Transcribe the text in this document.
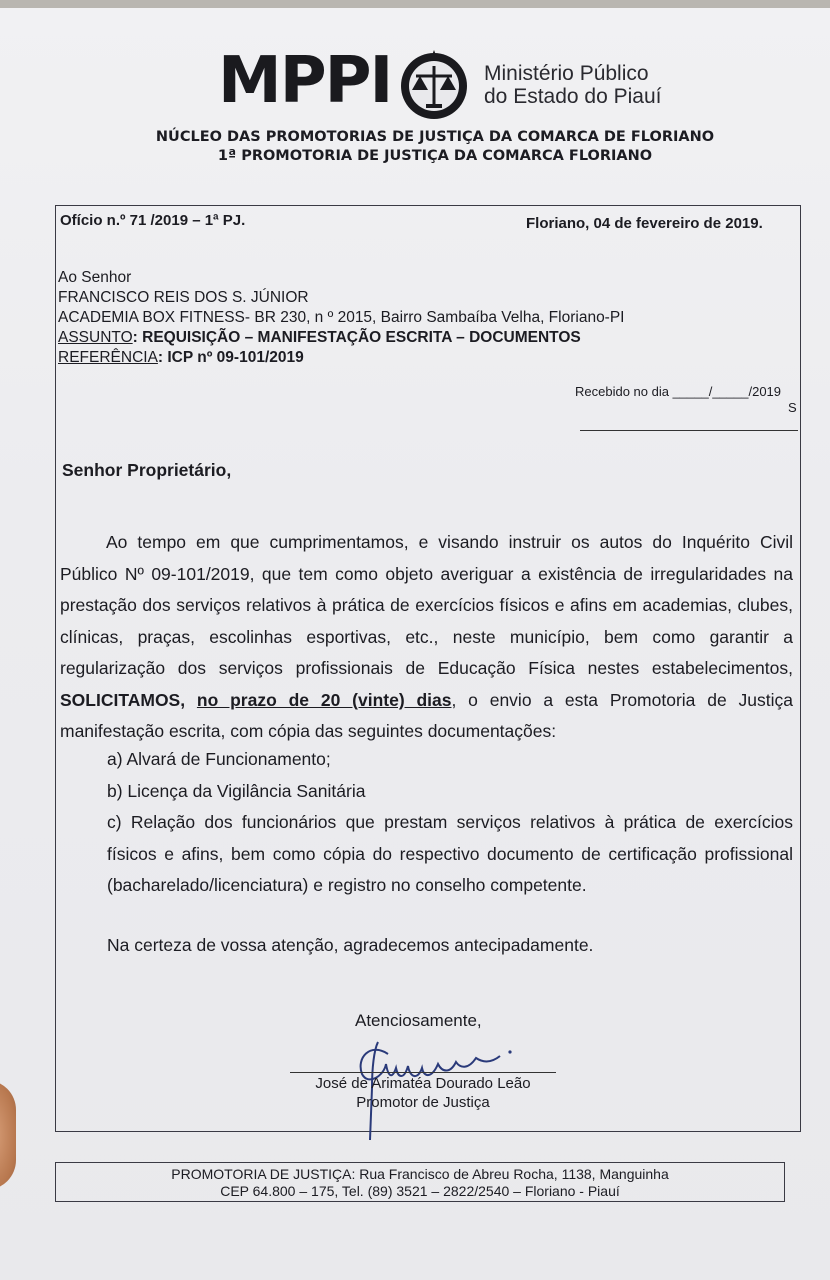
MPPI	Ministério Público
do Estado do Piauí
NÚCLEO DAS PROMOTORIAS DE JUSTIÇA DA COMARCA DE FLORIANO
1ª PROMOTORIA DE JUSTIÇA DA COMARCA FLORIANO
Ofício n.º 71 /2019 – 1ª PJ.	Floriano, 04 de fevereiro de 2019.
Ao Senhor
FRANCISCO REIS DOS S. JÚNIOR
ACADEMIA BOX FITNESS- BR 230, n º 2015, Bairro Sambaíba Velha, Floriano-PI
ASSUNTO: REQUISIÇÃO – MANIFESTAÇÃO ESCRITA – DOCUMENTOS
REFERÊNCIA: ICP nº 09-101/2019
Recebido no dia _____/_____/2019
S
Senhor Proprietário,
Ao tempo em que cumprimentamos, e visando instruir os autos do Inquérito Civil Público Nº 09-101/2019, que tem como objeto averiguar a existência de irregularidades na prestação dos serviços relativos à prática de exercícios físicos e afins em academias, clubes, clínicas, praças, escolinhas esportivas, etc., neste município, bem como garantir a regularização dos serviços profissionais de Educação Física nestes estabelecimentos, SOLICITAMOS, no prazo de 20 (vinte) dias, o envio a esta Promotoria de Justiça manifestação escrita, com cópia das seguintes documentações:
a) Alvará de Funcionamento;
b) Licença da Vigilância Sanitária
c) Relação dos funcionários que prestam serviços relativos à prática de exercícios físicos e afins, bem como cópia do respectivo documento de certificação profissional (bacharelado/licenciatura) e registro no conselho competente.
Na certeza de vossa atenção, agradecemos antecipadamente.
Atenciosamente,
José de Arimatéa Dourado Leão
Promotor de Justiça
PROMOTORIA DE JUSTIÇA: Rua Francisco de Abreu Rocha, 1138, Manguinha
CEP 64.800 – 175, Tel. (89) 3521 – 2822/2540 – Floriano - Piauí
